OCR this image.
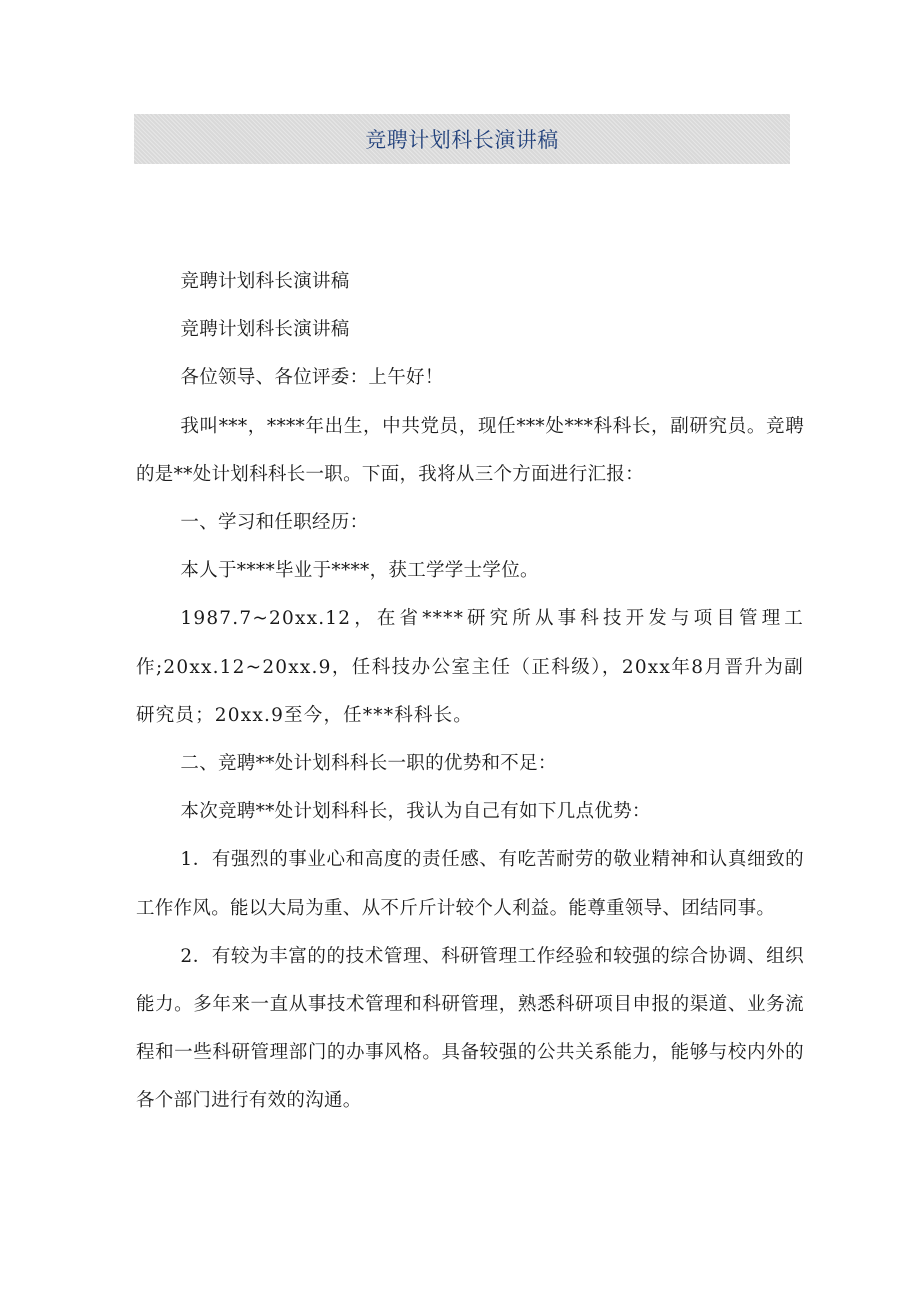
竞聘计划科长演讲稿

竞聘计划科长演讲稿

竞聘计划科长演讲稿

各位领导、各位评委：上午好！

我叫***，****年出生，中共党员，现任***处***科科长，副研究员。竞聘的是**处计划科科长一职。下面，我将从三个方面进行汇报：

一、学习和任职经历：

本人于****毕业于****，获工学学士学位。

1987.7~20xx.12，在省****研究所从事科技开发与项目管理工作;20xx.12~20xx.9，任科技办公室主任（正科级），20xx年8月晋升为副研究员；20xx.9至今，任***科科长。

二、竞聘**处计划科科长一职的优势和不足：

本次竞聘**处计划科科长，我认为自己有如下几点优势：

1．有强烈的事业心和高度的责任感、有吃苦耐劳的敬业精神和认真细致的工作作风。能以大局为重、从不斤斤计较个人利益。能尊重领导、团结同事。

2．有较为丰富的的技术管理、科研管理工作经验和较强的综合协调、组织能力。多年来一直从事技术管理和科研管理，熟悉科研项目申报的渠道、业务流程和一些科研管理部门的办事风格。具备较强的公共关系能力，能够与校内外的各个部门进行有效的沟通。
